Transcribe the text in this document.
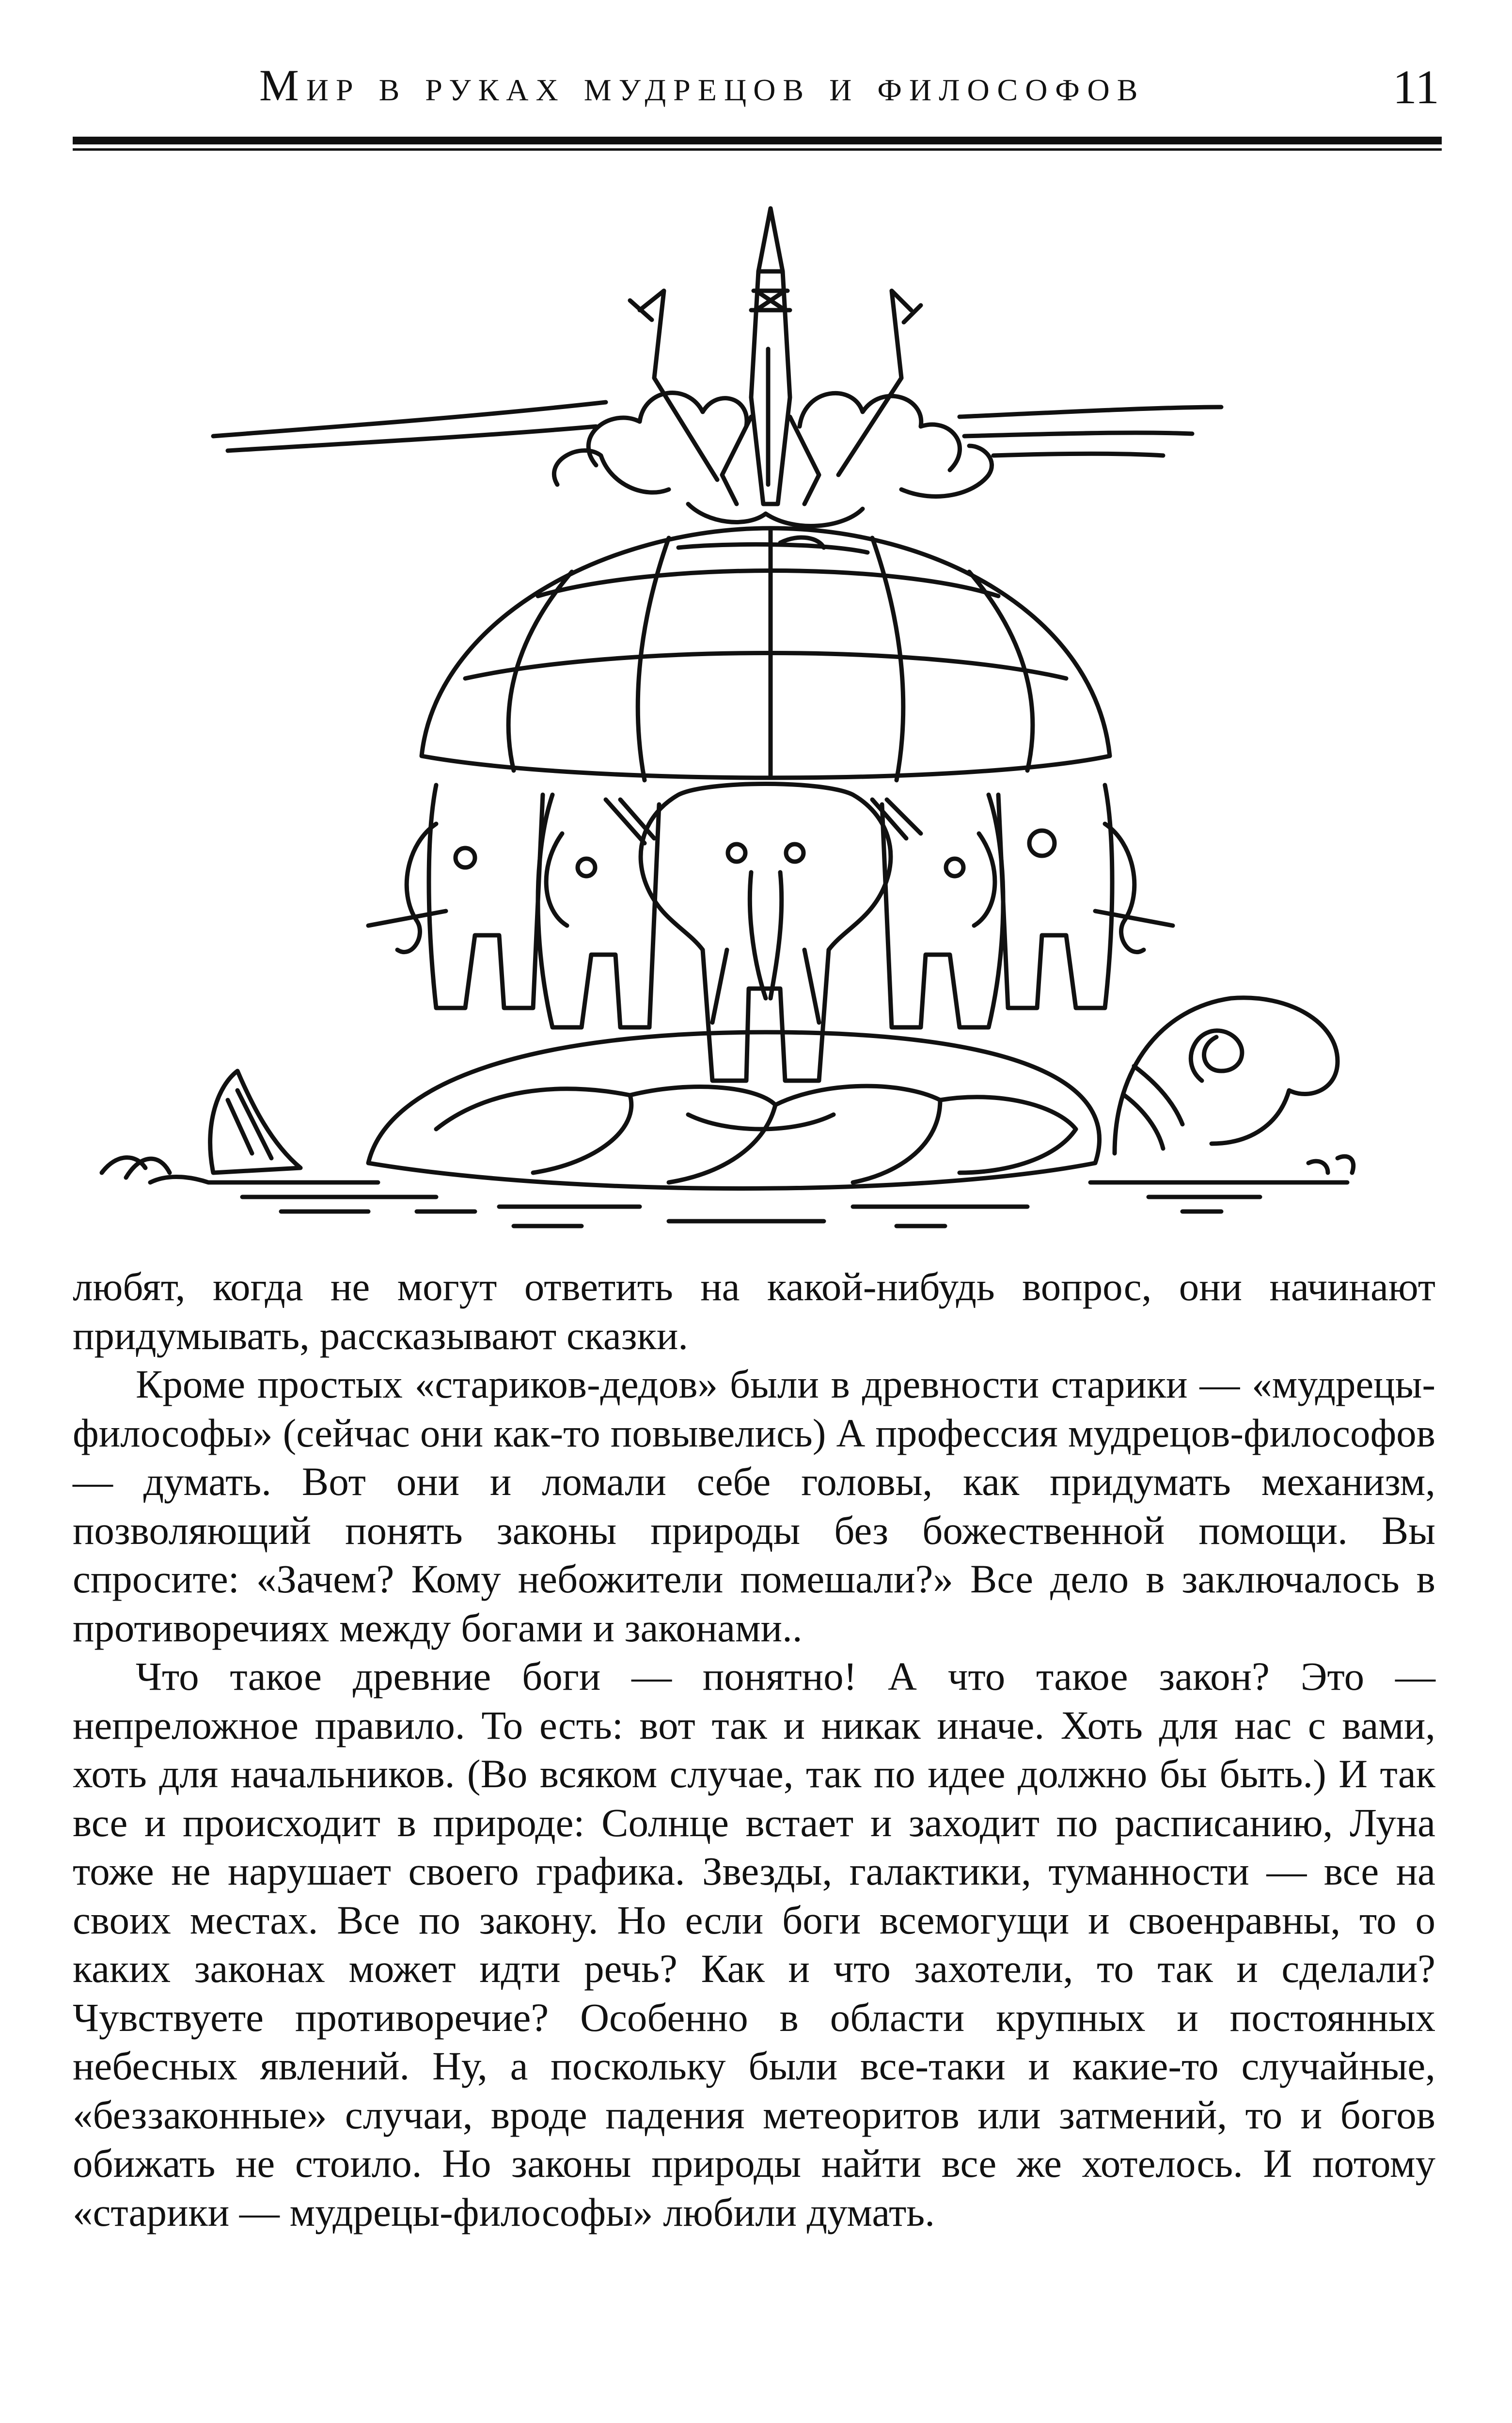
Мир в руках мудрецов и философов	11

любят, когда не могут ответить на какой-нибудь вопрос, они начинают придумывать, рассказывают сказки.

Кроме простых «стариков-дедов» были в древности старики — «мудрецы-философы» (сейчас они как-то повывелись) А профессия мудрецов-философов — думать. Вот они и ломали себе головы, как придумать механизм, позволяющий понять законы природы без божественной помощи. Вы спросите: «Зачем? Кому небожители помешали?» Все дело в заключалось в противоречиях между богами и законами..

Что такое древние боги — понятно! А что такое закон? Это — непреложное правило. То есть: вот так и никак иначе. Хоть для нас с вами, хоть для начальников. (Во всяком случае, так по идее должно бы быть.) И так все и происходит в природе: Солнце встает и заходит по расписанию, Луна тоже не нарушает своего графика. Звезды, галактики, туманности — все на своих местах. Все по закону. Но если боги всемогущи и своенравны, то о каких законах может идти речь? Как и что захотели, то так и сделали? Чувствуете противоречие? Особенно в области крупных и постоянных небесных явлений. Ну, а поскольку были все-таки и какие-то случайные, «беззаконные» случаи, вроде падения метеоритов или затмений, то и богов обижать не стоило. Но законы природы найти все же хотелось. И потому «старики — мудрецы-философы» любили думать.
